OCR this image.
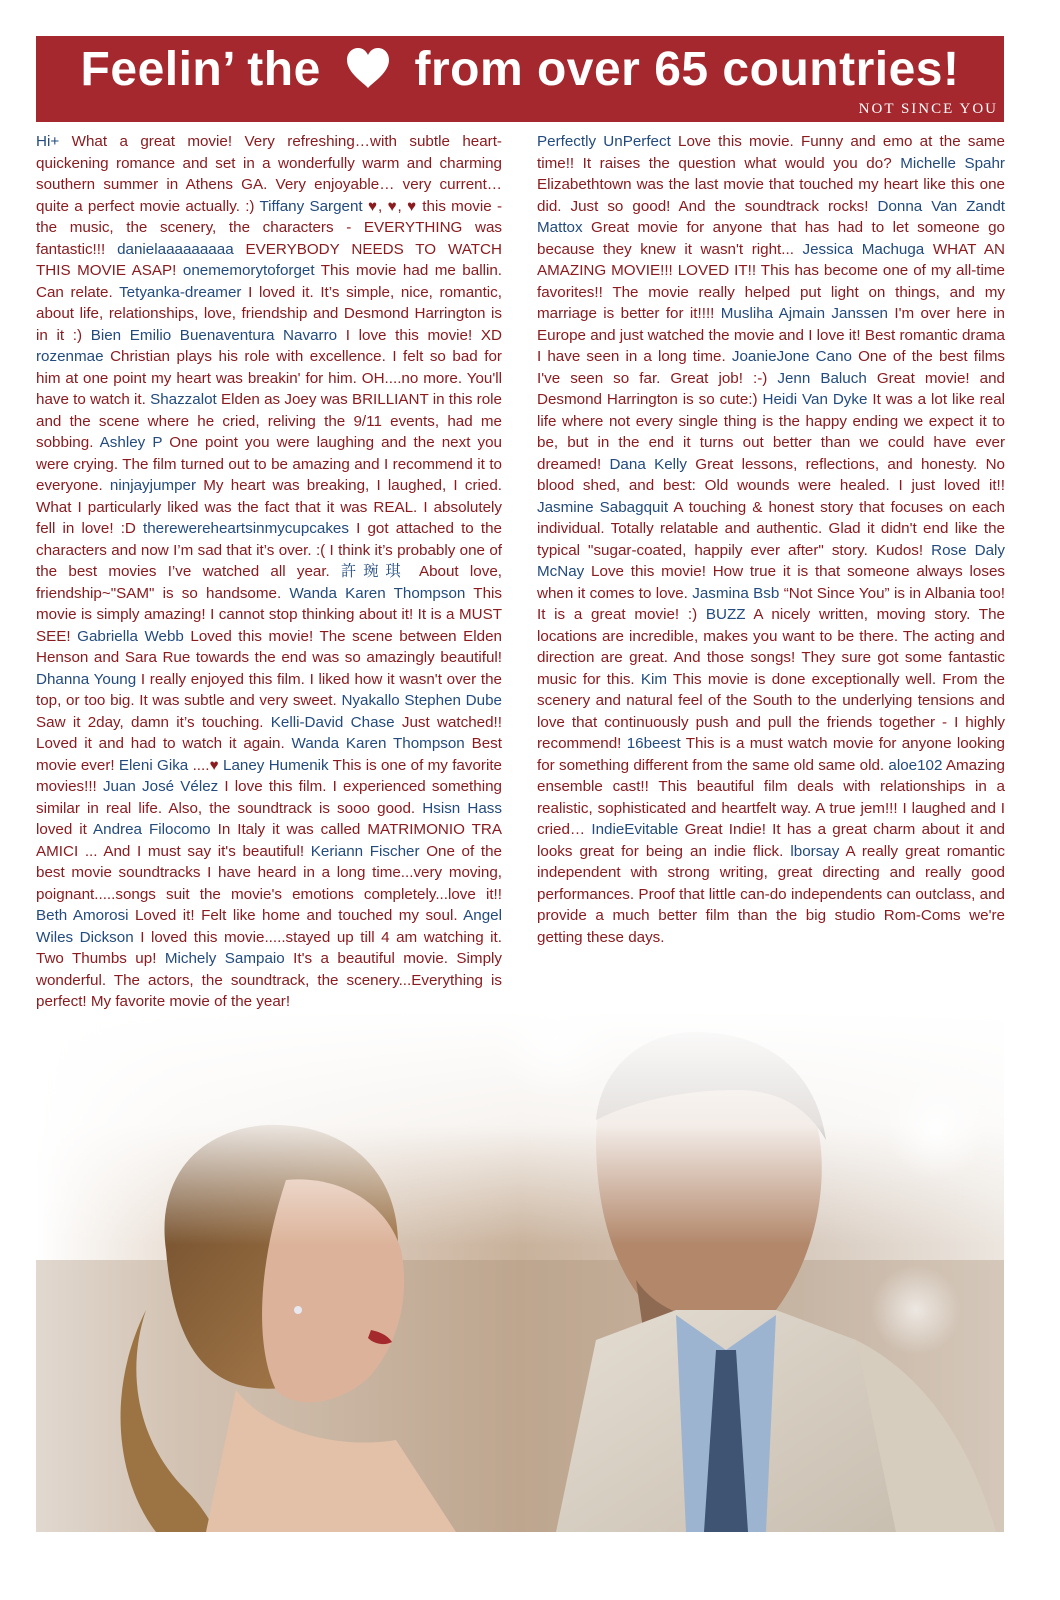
Feelin’ the from over 65 countries!
NOT SINCE YOU
Hi+ What a great movie! Very refreshing…with subtle heart-quickening romance and set in a wonderfully warm and charming southern summer in Athens GA. Very enjoyable… very current… quite a perfect movie actually. :) Tiffany Sargent ♥, ♥, ♥ this movie - the music, the scenery, the characters - EVERYTHING was fantastic!!! danielaaaaaaaaa EVERYBODY NEEDS TO WATCH THIS MOVIE ASAP! onememorytoforget This movie had me ballin. Can relate. Tetyanka-dreamer I loved it. It’s simple, nice, romantic, about life, relationships, love, friendship and Desmond Harrington is in it :) Bien Emilio Buenaventura Navarro I love this movie! XD rozenmae Christian plays his role with excellence. I felt so bad for him at one point my heart was breakin' for him. OH....no more. You'll have to watch it. Shazzalot Elden as Joey was BRILLIANT in this role and the scene where he cried, reliving the 9/11 events, had me sobbing. Ashley P One point you were laughing and the next you were crying. The film turned out to be amazing and I recommend it to everyone. ninjayjumper My heart was breaking, I laughed, I cried. What I particularly liked was the fact that it was REAL. I absolutely fell in love! :D therewereheartsinmycupcakes I got attached to the characters and now I’m sad that it’s over. :( I think it’s probably one of the best movies I’ve watched all year. 許琬琪 About love, friendship~"SAM" is so handsome. Wanda Karen Thompson This movie is simply amazing! I cannot stop thinking about it! It is a MUST SEE! Gabriella Webb Loved this movie! The scene between Elden Henson and Sara Rue towards the end was so amazingly beautiful! Dhanna Young I really enjoyed this film. I liked how it wasn't over the top, or too big. It was subtle and very sweet. Nyakallo Stephen Dube Saw it 2day, damn it’s touching. Kelli-David Chase Just watched!! Loved it and had to watch it again. Wanda Karen Thompson Best movie ever! Eleni Gika ....♥ Laney Humenik This is one of my favorite movies!!! Juan José Vélez I love this film. I experienced something similar in real life. Also, the soundtrack is sooo good. Hsisn Hass loved it Andrea Filocomo In Italy it was called MATRIMONIO TRA AMICI ... And I must say it's beautiful! Keriann Fischer One of the best movie soundtracks I have heard in a long time...very moving, poignant.....songs suit the movie's emotions completely...love it!! Beth Amorosi Loved it! Felt like home and touched my soul. Angel Wiles Dickson I loved this movie.....stayed up till 4 am watching it. Two Thumbs up! Michely Sampaio It's a beautiful movie. Simply wonderful. The actors, the soundtrack, the scenery...Everything is perfect! My favorite movie of the year!
Perfectly UnPerfect Love this movie. Funny and emo at the same time!! It raises the question what would you do? Michelle Spahr Elizabethtown was the last movie that touched my heart like this one did. Just so good! And the soundtrack rocks! Donna Van Zandt Mattox Great movie for anyone that has had to let someone go because they knew it wasn't right... Jessica Machuga WHAT AN AMAZING MOVIE!!! LOVED IT!! This has become one of my all-time favorites!! The movie really helped put light on things, and my marriage is better for it!!!! Musliha Ajmain Janssen I'm over here in Europe and just watched the movie and I love it! Best romantic drama I have seen in a long time. JoanieJone Cano One of the best films I've seen so far. Great job! :-) Jenn Baluch Great movie! and Desmond Harrington is so cute:) Heidi Van Dyke It was a lot like real life where not every single thing is the happy ending we expect it to be, but in the end it turns out better than we could have ever dreamed! Dana Kelly Great lessons, reflections, and honesty. No blood shed, and best: Old wounds were healed. I just loved it!! Jasmine Sabagquit A touching & honest story that focuses on each individual. Totally relatable and authentic. Glad it didn't end like the typical "sugar-coated, happily ever after" story. Kudos! Rose Daly McNay Love this movie! How true it is that someone always loses when it comes to love. Jasmina Bsb “Not Since You” is in Albania too! It is a great movie! :) BUZZ A nicely written, moving story. The locations are incredible, makes you want to be there. The acting and direction are great. And those songs! They sure got some fantastic music for this. Kim This movie is done exceptionally well. From the scenery and natural feel of the South to the underlying tensions and love that continuously push and pull the friends together - I highly recommend! 16beest This is a must watch movie for anyone looking for something different from the same old same old. aloe102 Amazing ensemble cast!! This beautiful film deals with relationships in a realistic, sophisticated and heartfelt way. A true jem!!! I laughed and I cried… IndieEvitable Great Indie! It has a great charm about it and looks great for being an indie flick. lborsay A really great romantic independent with strong writing, great directing and really good performances. Proof that little can-do independents can outclass, and provide a much better film than the big studio Rom-Coms we're getting these days.
